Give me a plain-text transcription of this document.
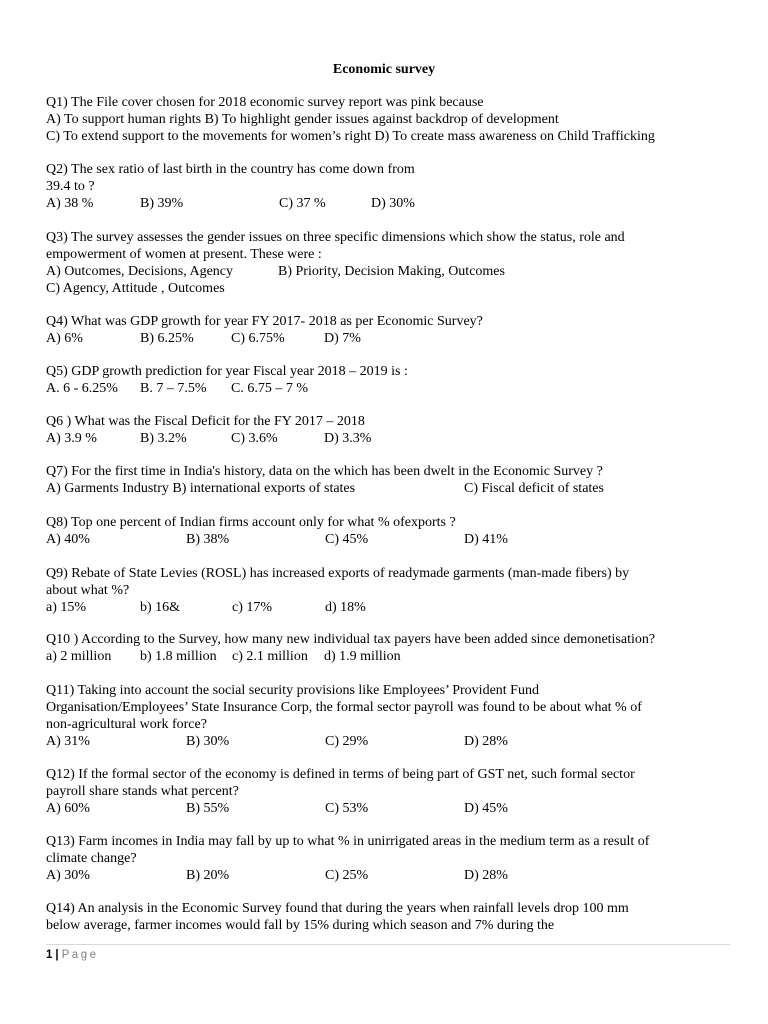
Economic survey
Q1) The File cover chosen for 2018 economic survey report was pink because
A) To support human rights B) To highlight gender issues against backdrop of development
C) To extend support to the movements for women’s right D) To create mass awareness on Child Trafficking
Q2) The sex ratio of last birth in the country has come down from
39.4 to ?
A) 38 %	B) 39%	C) 37 %	D) 30%
Q3) The survey assesses the gender issues on three specific dimensions which show the status, role and
empowerment of women at present. These were :
A) Outcomes, Decisions, Agency	B) Priority, Decision Making, Outcomes
C) Agency, Attitude , Outcomes
Q4) What was GDP growth for year FY 2017- 2018 as per Economic Survey?
A) 6%	B) 6.25%	C) 6.75%	D) 7%
Q5) GDP growth prediction for year Fiscal year 2018 – 2019 is :
A. 6 - 6.25% B. 7 – 7.5% C. 6.75 – 7 %
Q6 ) What was the Fiscal Deficit for the FY 2017 – 2018
A) 3.9 %	B) 3.2%	C) 3.6%	D) 3.3%
Q7) For the first time in India's history, data on the which has been dwelt in the Economic Survey ?
A) Garments Industry B) international exports of states	C) Fiscal deficit of states
Q8) Top one percent of Indian firms account only for what % ofexports ?
A) 40%	B) 38%	C) 45%	D) 41%
Q9) Rebate of State Levies (ROSL) has increased exports of readymade garments (man-made fibers) by
about what %?
a) 15%	b) 16&	c) 17%	d) 18%
Q10 ) According to the Survey, how many new individual tax payers have been added since demonetisation?
a) 2 million b) 1.8 million c) 2.1 million d) 1.9 million
Q11) Taking into account the social security provisions like Employees’ Provident Fund
Organisation/Employees’ State Insurance Corp, the formal sector payroll was found to be about what % of
non-agricultural work force?
A) 31%	B) 30%	C) 29%	D) 28%
Q12) If the formal sector of the economy is defined in terms of being part of GST net, such formal sector
payroll share stands what percent?
A) 60%	B) 55%	C) 53%	D) 45%
Q13) Farm incomes in India may fall by up to what % in unirrigated areas in the medium term as a result of
climate change?
A) 30%	B) 20%	C) 25%	D) 28%
Q14) An analysis in the Economic Survey found that during the years when rainfall levels drop 100 mm
below average, farmer incomes would fall by 15% during which season and 7% during the
1 | Page
